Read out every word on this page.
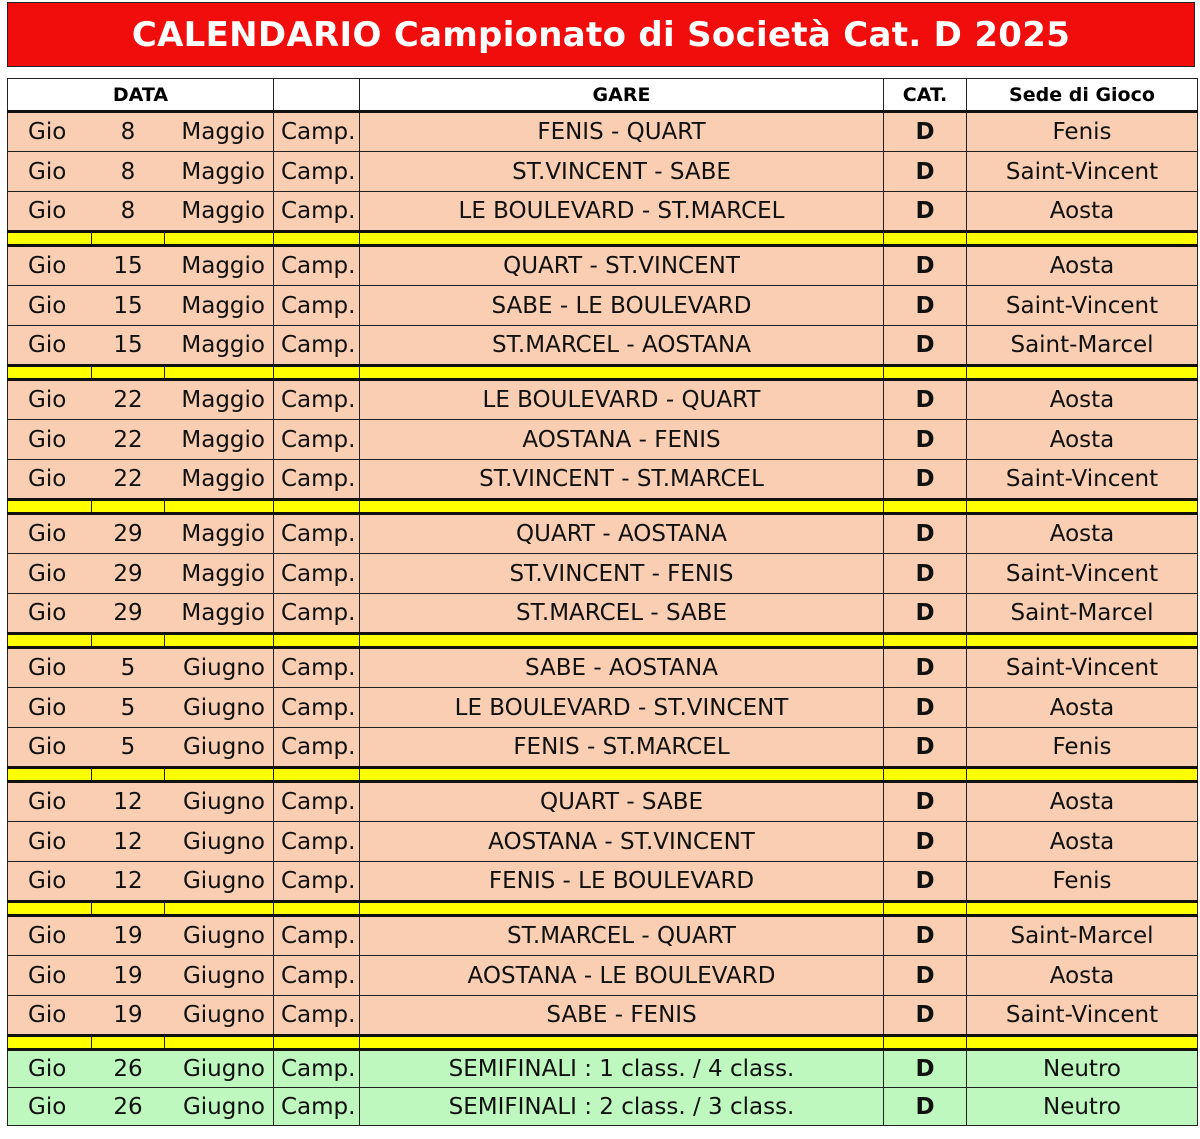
CALENDARIO Campionato di Società Cat. D 2025
DATA				GARE	CAT.	Sede di Gioco
Gio	8	Maggio	Camp.	FENIS - QUART	D	Fenis
Gio	8	Maggio	Camp.	ST.VINCENT - SABE	D	Saint-Vincent
Gio	8	Maggio	Camp.	LE BOULEVARD - ST.MARCEL	D	Aosta

Gio	15	Maggio	Camp.	QUART - ST.VINCENT	D	Aosta
Gio	15	Maggio	Camp.	SABE - LE BOULEVARD	D	Saint-Vincent
Gio	15	Maggio	Camp.	ST.MARCEL - AOSTANA	D	Saint-Marcel

Gio	22	Maggio	Camp.	LE BOULEVARD - QUART	D	Aosta
Gio	22	Maggio	Camp.	AOSTANA - FENIS	D	Aosta
Gio	22	Maggio	Camp.	ST.VINCENT - ST.MARCEL	D	Saint-Vincent

Gio	29	Maggio	Camp.	QUART - AOSTANA	D	Aosta
Gio	29	Maggio	Camp.	ST.VINCENT - FENIS	D	Saint-Vincent
Gio	29	Maggio	Camp.	ST.MARCEL - SABE	D	Saint-Marcel

Gio	5	Giugno	Camp.	SABE - AOSTANA	D	Saint-Vincent
Gio	5	Giugno	Camp.	LE BOULEVARD - ST.VINCENT	D	Aosta
Gio	5	Giugno	Camp.	FENIS - ST.MARCEL	D	Fenis

Gio	12	Giugno	Camp.	QUART - SABE	D	Aosta
Gio	12	Giugno	Camp.	AOSTANA - ST.VINCENT	D	Aosta
Gio	12	Giugno	Camp.	FENIS - LE BOULEVARD	D	Fenis

Gio	19	Giugno	Camp.	ST.MARCEL - QUART	D	Saint-Marcel
Gio	19	Giugno	Camp.	AOSTANA - LE BOULEVARD	D	Aosta
Gio	19	Giugno	Camp.	SABE - FENIS	D	Saint-Vincent

Gio	26	Giugno	Camp.	SEMIFINALI : 1 class. / 4 class.	D	Neutro
Gio	26	Giugno	Camp.	SEMIFINALI : 2 class. / 3 class.	D	Neutro
